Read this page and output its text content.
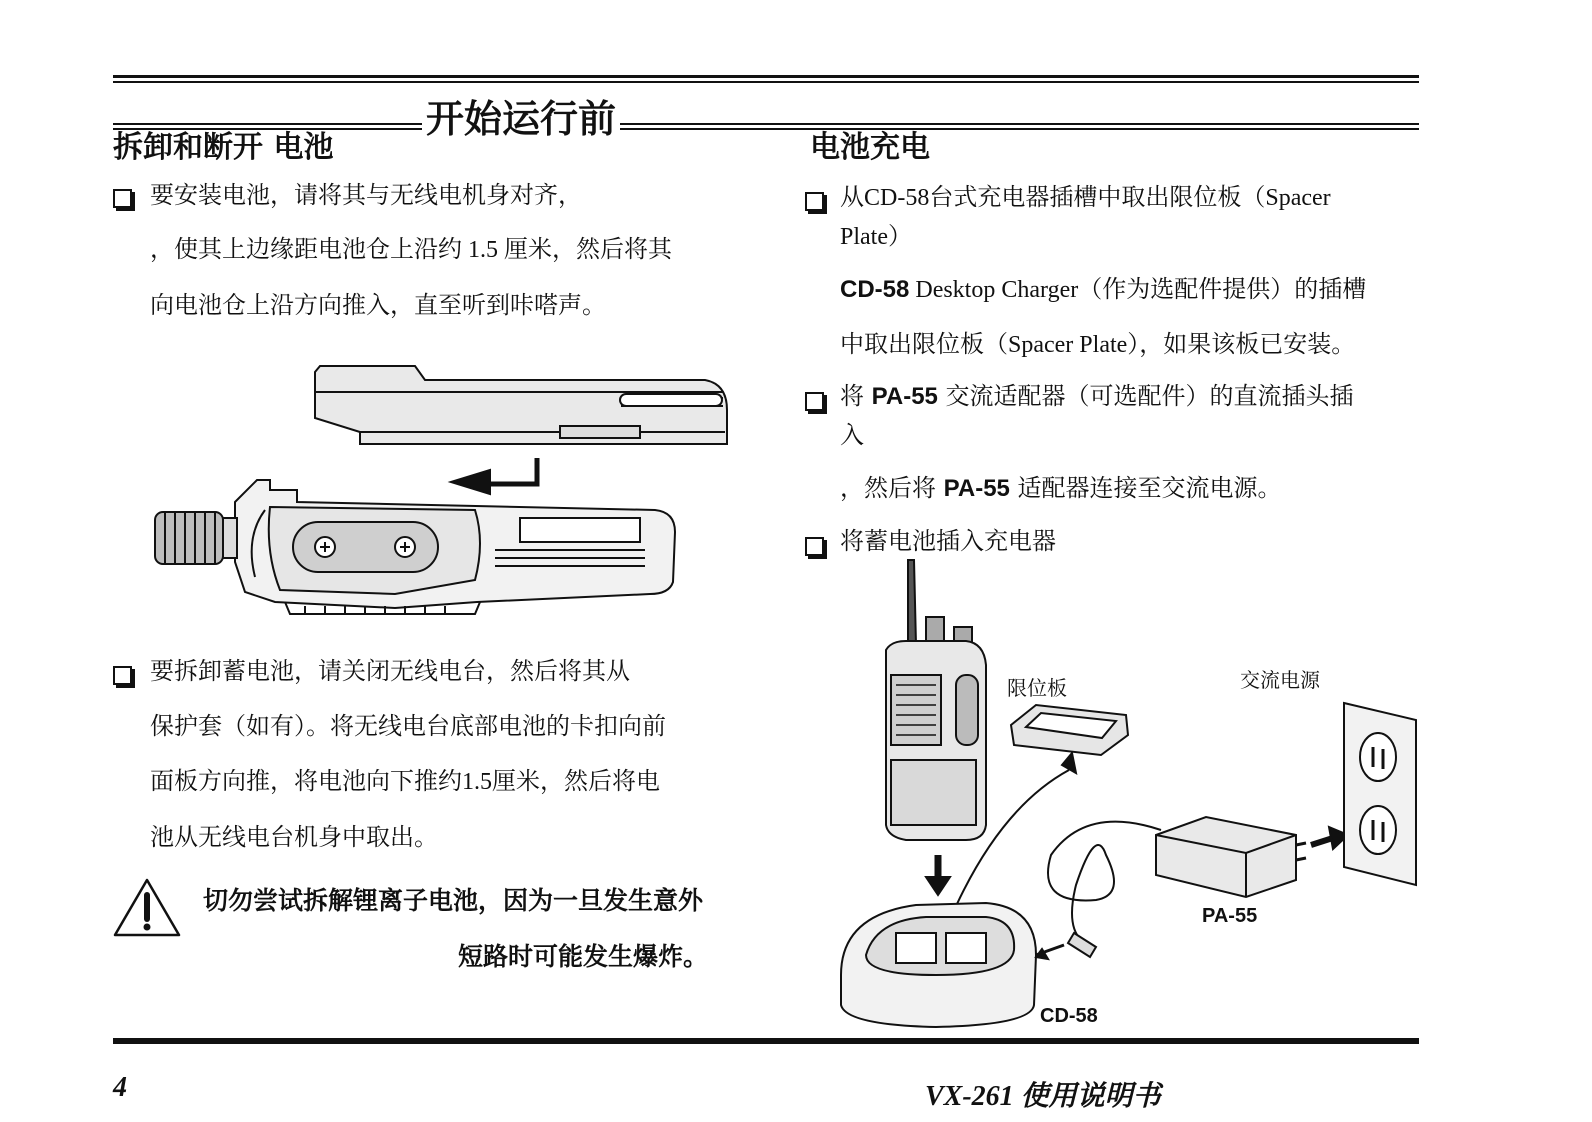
开始运行前
拆卸和断开 电池
要安装电池，请将其与无线电机身对齐，
，使其上边缘距电池仓上沿约 1.5 厘米，然后将其
向电池仓上沿方向推入，直至听到咔嗒声。
要拆卸蓄电池，请关闭无线电台，然后将其从
保护套（如有）。将无线电台底部电池的卡扣向前
面板方向推，将电池向下推约1.5厘米，然后将电
池从无线电台机身中取出。
切勿尝试拆解锂离子电池，因为一旦发生意外
短路时可能发生爆炸。
电池充电
从CD-58台式充电器插槽中取出限位板（Spacer
Plate）
CD-58 Desktop Charger（作为选配件提供）的插槽
中取出限位板（Spacer Plate），如果该板已安装。
将 PA-55 交流适配器（可选配件）的直流插头插
入
，然后将 PA-55 适配器连接至交流电源。
将蓄电池插入充电器
限位板	交流电源
PA-55
CD-58
4	VX-261 使用说明书
